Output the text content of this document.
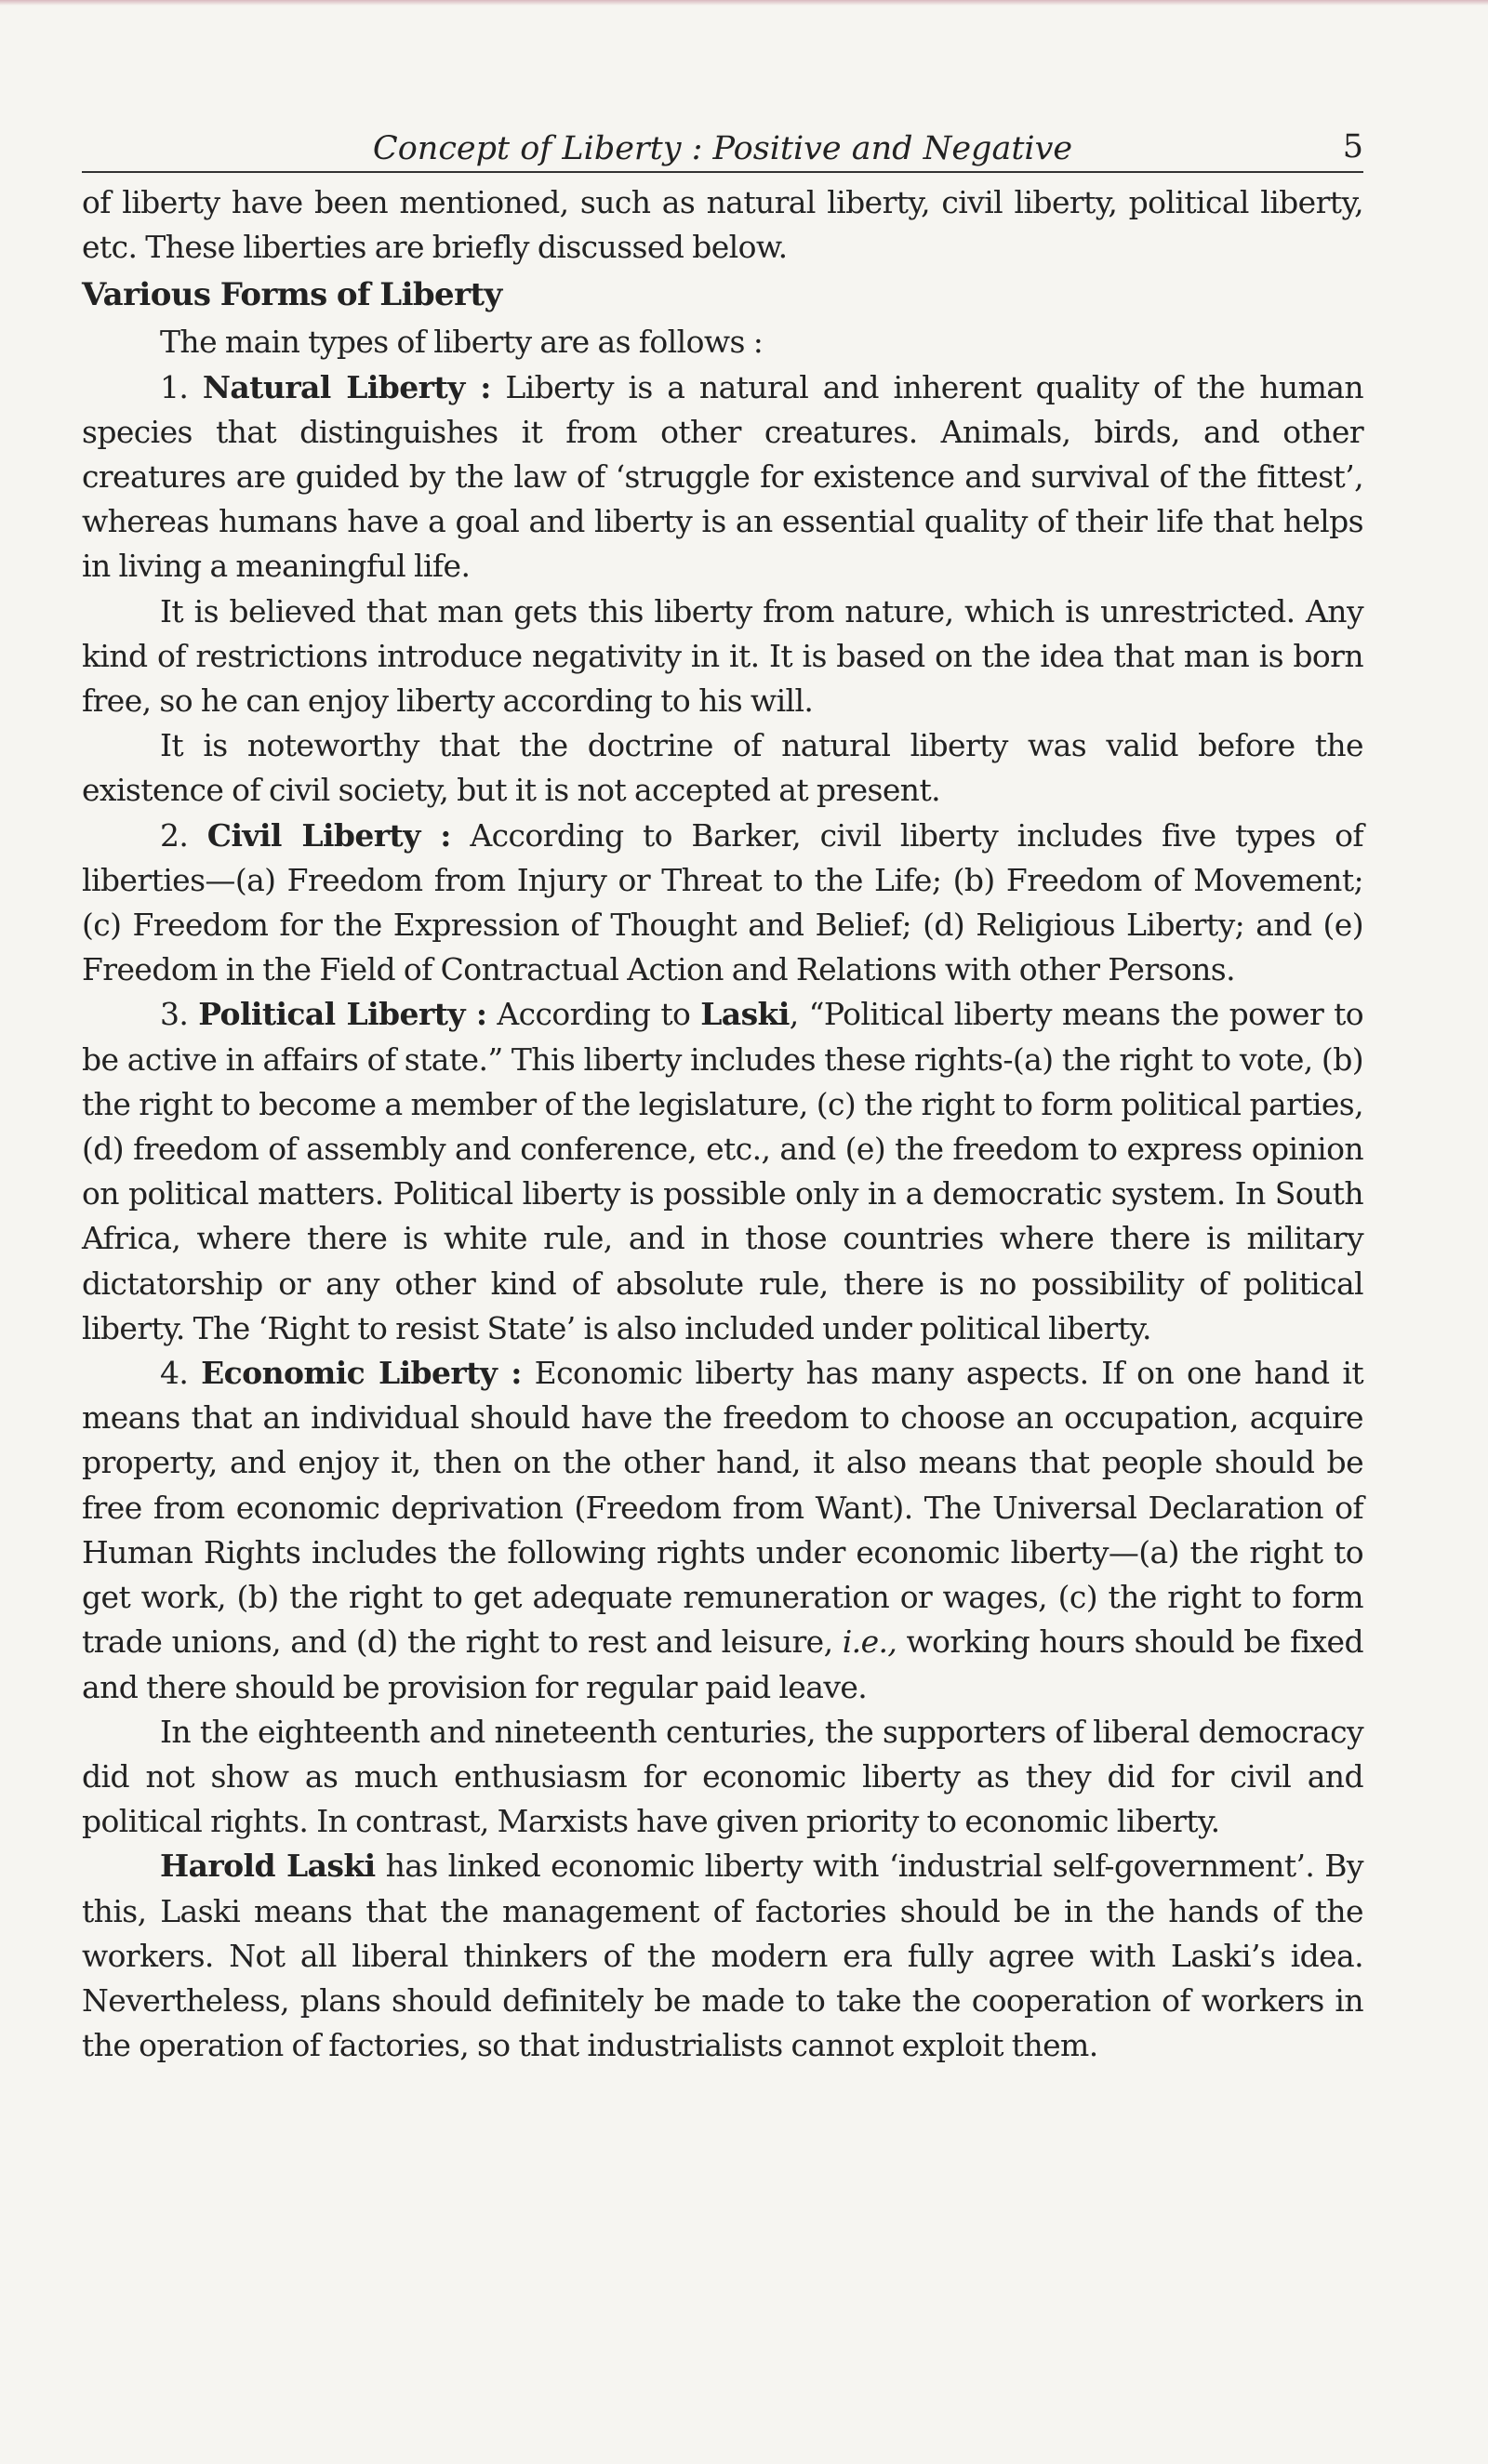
Concept of Liberty : Positive and Negative	5

of liberty have been mentioned, such as natural liberty, civil liberty, political liberty, etc. These liberties are briefly discussed below.

Various Forms of Liberty

The main types of liberty are as follows :

1. Natural Liberty : Liberty is a natural and inherent quality of the human species that distinguishes it from other creatures. Animals, birds, and other creatures are guided by the law of ‘struggle for existence and survival of the fittest’, whereas humans have a goal and liberty is an essential quality of their life that helps in living a meaningful life.

It is believed that man gets this liberty from nature, which is unrestricted. Any kind of restrictions introduce negativity in it. It is based on the idea that man is born free, so he can enjoy liberty according to his will.

It is noteworthy that the doctrine of natural liberty was valid before the existence of civil society, but it is not accepted at present.

2. Civil Liberty : According to Barker, civil liberty includes five types of liberties—(a) Freedom from Injury or Threat to the Life; (b) Freedom of Movement; (c) Freedom for the Expression of Thought and Belief; (d) Religious Liberty; and (e) Freedom in the Field of Contractual Action and Relations with other Persons.

3. Political Liberty : According to Laski, “Political liberty means the power to be active in affairs of state.” This liberty includes these rights-(a) the right to vote, (b) the right to become a member of the legislature, (c) the right to form political parties, (d) freedom of assembly and conference, etc., and (e) the freedom to express opinion on political matters. Political liberty is possible only in a democratic system. In South Africa, where there is white rule, and in those countries where there is military dictatorship or any other kind of absolute rule, there is no possibility of political liberty. The ‘Right to resist State’ is also included under political liberty.

4. Economic Liberty : Economic liberty has many aspects. If on one hand it means that an individual should have the freedom to choose an occupation, acquire property, and enjoy it, then on the other hand, it also means that people should be free from economic deprivation (Freedom from Want). The Universal Declaration of Human Rights includes the following rights under economic liberty—(a) the right to get work, (b) the right to get adequate remuneration or wages, (c) the right to form trade unions, and (d) the right to rest and leisure, i.e., working hours should be fixed and there should be provision for regular paid leave.

In the eighteenth and nineteenth centuries, the supporters of liberal democracy did not show as much enthusiasm for economic liberty as they did for civil and political rights. In contrast, Marxists have given priority to economic liberty.

Harold Laski has linked economic liberty with ‘industrial self-government’. By this, Laski means that the management of factories should be in the hands of the workers. Not all liberal thinkers of the modern era fully agree with Laski’s idea. Nevertheless, plans should definitely be made to take the cooperation of workers in the operation of factories, so that industrialists cannot exploit them.
